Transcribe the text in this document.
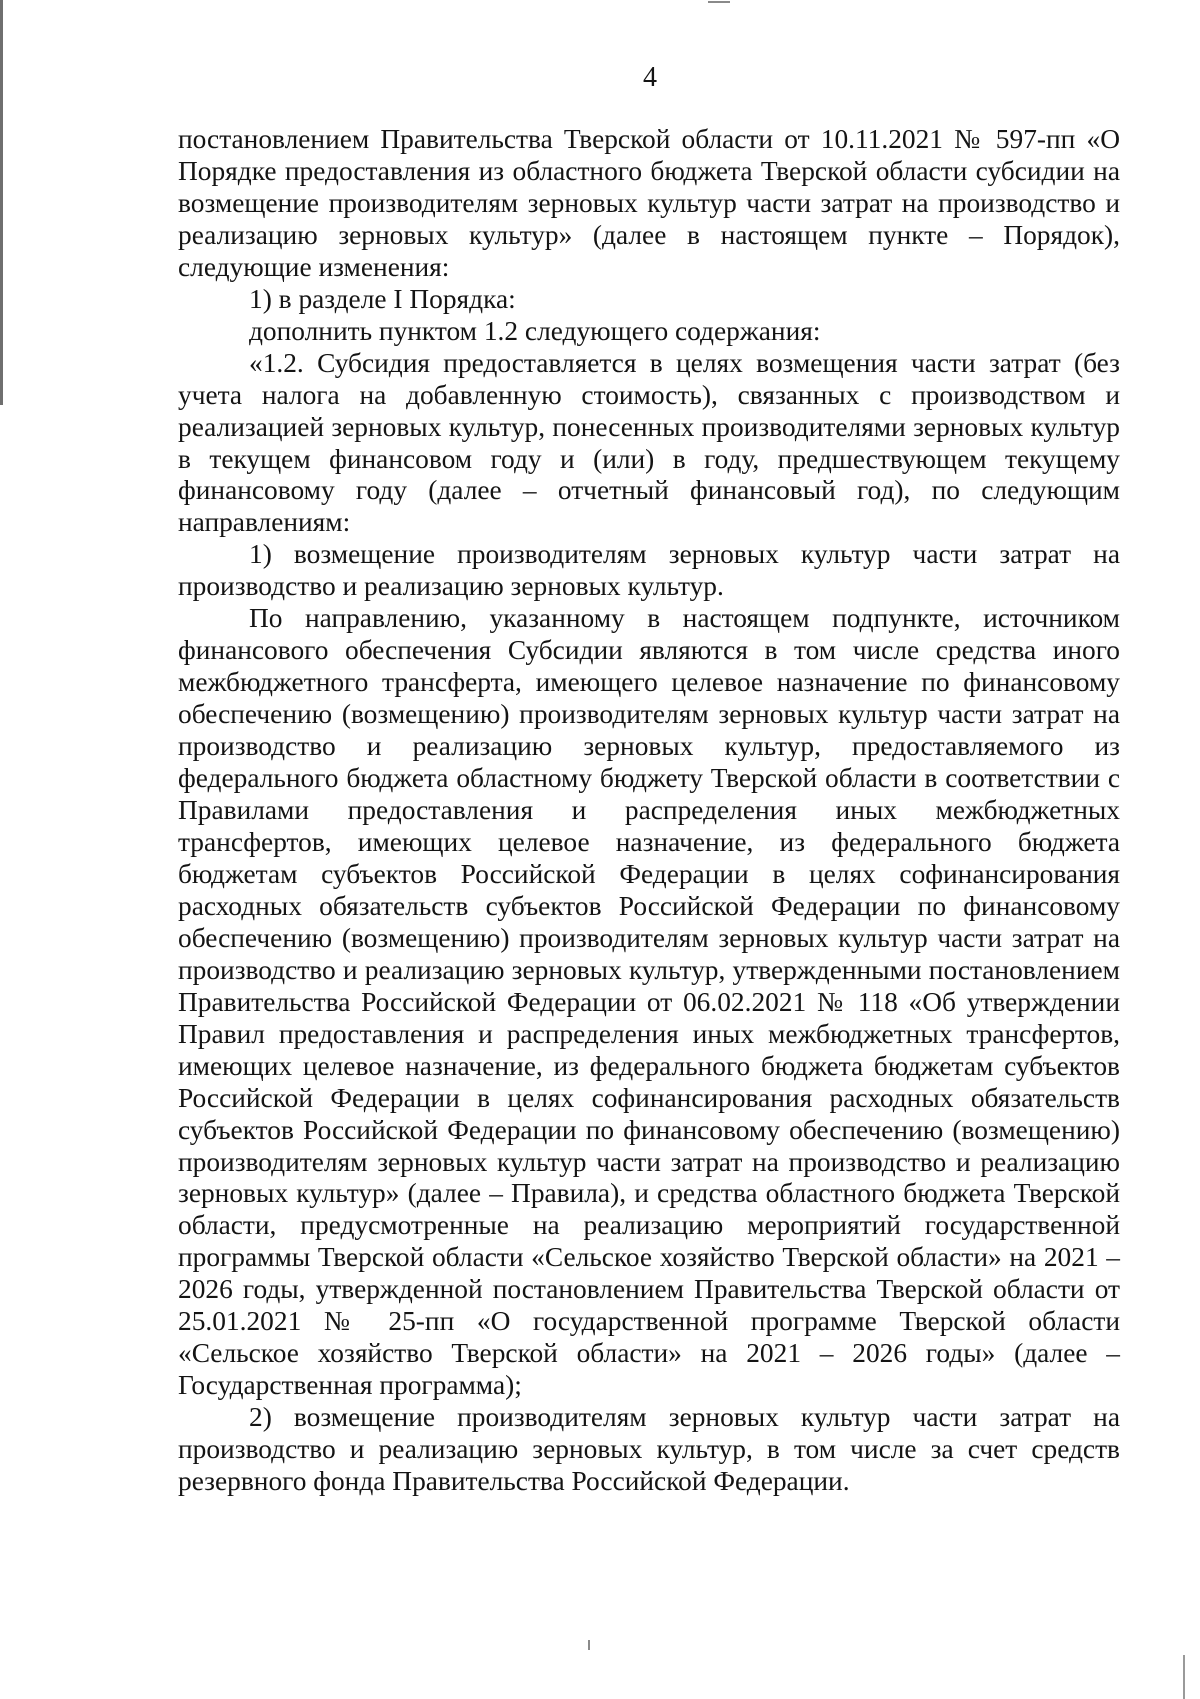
4

постановлением Правительства Тверской области от 10.11.2021 № 597-пп «О Порядке предоставления из областного бюджета Тверской области субсидии на возмещение производителям зерновых культур части затрат на производство и реализацию зерновых культур» (далее в настоящем пункте – Порядок), следующие изменения:

1) в разделе I Порядка:

дополнить пунктом 1.2 следующего содержания:

«1.2. Субсидия предоставляется в целях возмещения части затрат (без учета налога на добавленную стоимость), связанных с производством и реализацией зерновых культур, понесенных производителями зерновых культур в текущем финансовом году и (или) в году, предшествующем текущему финансовому году (далее – отчетный финансовый год), по следующим направлениям:

1) возмещение производителям зерновых культур части затрат на производство и реализацию зерновых культур.

По направлению, указанному в настоящем подпункте, источником финансового обеспечения Субсидии являются в том числе средства иного межбюджетного трансферта, имеющего целевое назначение по финансовому обеспечению (возмещению) производителям зерновых культур части затрат на производство и реализацию зерновых культур, предоставляемого из федерального бюджета областному бюджету Тверской области в соответствии с Правилами предоставления и распределения иных межбюджетных трансфертов, имеющих целевое назначение, из федерального бюджета бюджетам субъектов Российской Федерации в целях софинансирования расходных обязательств субъектов Российской Федерации по финансовому обеспечению (возмещению) производителям зерновых культур части затрат на производство и реализацию зерновых культур, утвержденными постановлением Правительства Российской Федерации от 06.02.2021 № 118 «Об утверждении Правил предоставления и распределения иных межбюджетных трансфертов, имеющих целевое назначение, из федерального бюджета бюджетам субъектов Российской Федерации в целях софинансирования расходных обязательств субъектов Российской Федерации по финансовому обеспечению (возмещению) производителям зерновых культур части затрат на производство и реализацию зерновых культур» (далее – Правила), и средства областного бюджета Тверской области, предусмотренные на реализацию мероприятий государственной программы Тверской области «Сельское хозяйство Тверской области» на 2021 – 2026 годы, утвержденной постановлением Правительства Тверской области от 25.01.2021 № 25-пп «О государственной программе Тверской области «Сельское хозяйство Тверской области» на 2021 – 2026 годы» (далее – Государственная программа);

2) возмещение производителям зерновых культур части затрат на производство и реализацию зерновых культур, в том числе за счет средств резервного фонда Правительства Российской Федерации.
